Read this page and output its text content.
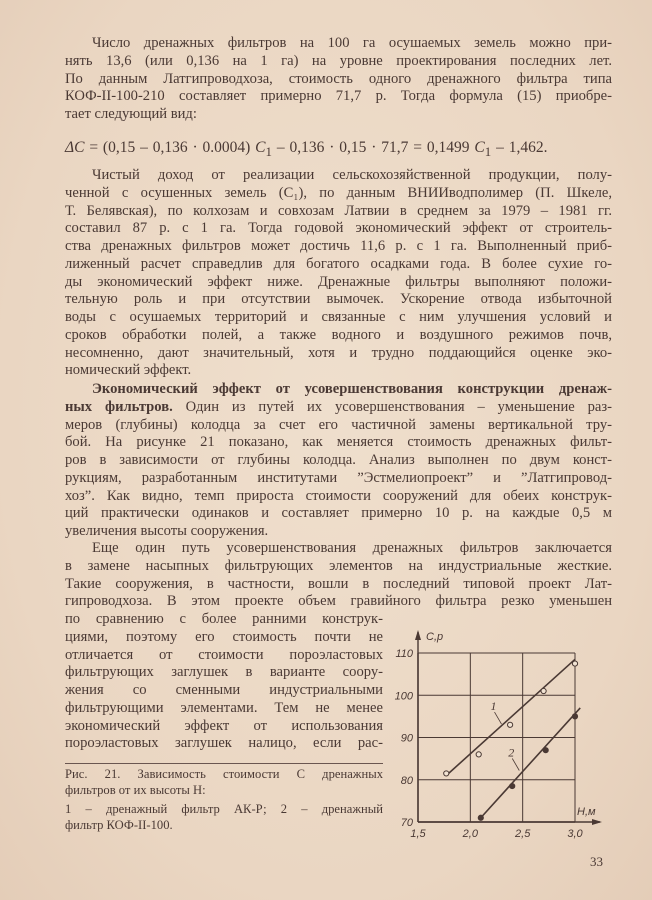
Число дренажных фильтров на 100 га осушаемых земель можно при-
нять 13,6 (или 0,136 на 1 га) на уровне проектирования последних лет.
По данным Латгипроводхоза, стоимость одного дренажного фильтра типа
КОФ-II-100-210 составляет примерно 71,7 р. Тогда формула (15) приобре-
тает следующий вид:
ΔC = (0,15 – 0,136 · 0.0004) $C_1 - 0,136 \cdot 0,15 \cdot 71,7 = 0,1499$ $C_1 - 1,462$.
Чистый доход от реализации сельскохозяйственной продукции, полу-
ченной с осушенных земель (C₁), по данным ВНИИводполимер (П. Шкеле,
Т. Белявская), по колхозам и совхозам Латвии в среднем за 1979 – 1981 гг.
составил 87 р. с 1 га. Тогда годовой экономический эффект от строитель-
ства дренажных фильтров может достичь 11,6 р. с 1 га. Выполненный приб-
лиженный расчет справедлив для богатого осадками года. В более сухие го-
ды экономический эффект ниже. Дренажные фильтры выполняют положи-
тельную роль и при отсутствии вымочек. Ускорение отвода избыточной
воды с осушаемых территорий и связанные с ним улучшения условий и
сроков обработки полей, а также водного и воздушного режимов почв,
несомненно, дают значительный, хотя и трудно поддающийся оценке эко-
номический эффект.
Экономический эффект от усовершенствования конструкции дренаж-
ных фильтров. Один из путей их усовершенствования – уменьшение раз-
меров (глубины) колодца за счет его частичной замены вертикальной тру-
бой. На рисунке 21 показано, как меняется стоимость дренажных фильт-
ров в зависимости от глубины колодца. Анализ выполнен по двум конст-
рукциям, разработанным институтами ”Эстмелиопроект” и ”Латгипровод-
хоз”. Как видно, темп прироста стоимости сооружений для обеих конструк-
ций практически одинаков и составляет примерно 10 р. на каждые 0,5 м
увеличения высоты сооружения.
Еще один путь усовершенствования дренажных фильтров заключается
в замене насыпных фильтрующих элементов на индустриальные жесткие.
Такие сооружения, в частности, вошли в последний типовой проект Лат-
гипроводхоза. В этом проекте объем гравийного фильтра резко уменьшен
по сравнению с более ранними конструк-
циями, поэтому его стоимость почти не
отличается от стоимости пороэластовых
фильтрующих заглушек в варианте соору-
жения со сменными индустриальными
фильтрующими элементами. Тем не менее
экономический эффект от использования
пороэластовых заглушек налицо, если рас-
Рис. 21. Зависимость стоимости C дренажных
фильтров от их высоты H:
1 – дренажный фильтр АК-Р; 2 – дренажный
фильтр КОФ-II-100.
1,5	2,0	2,5	3,0
70
80
90
100
110
C,р
H,м
1
2
33
